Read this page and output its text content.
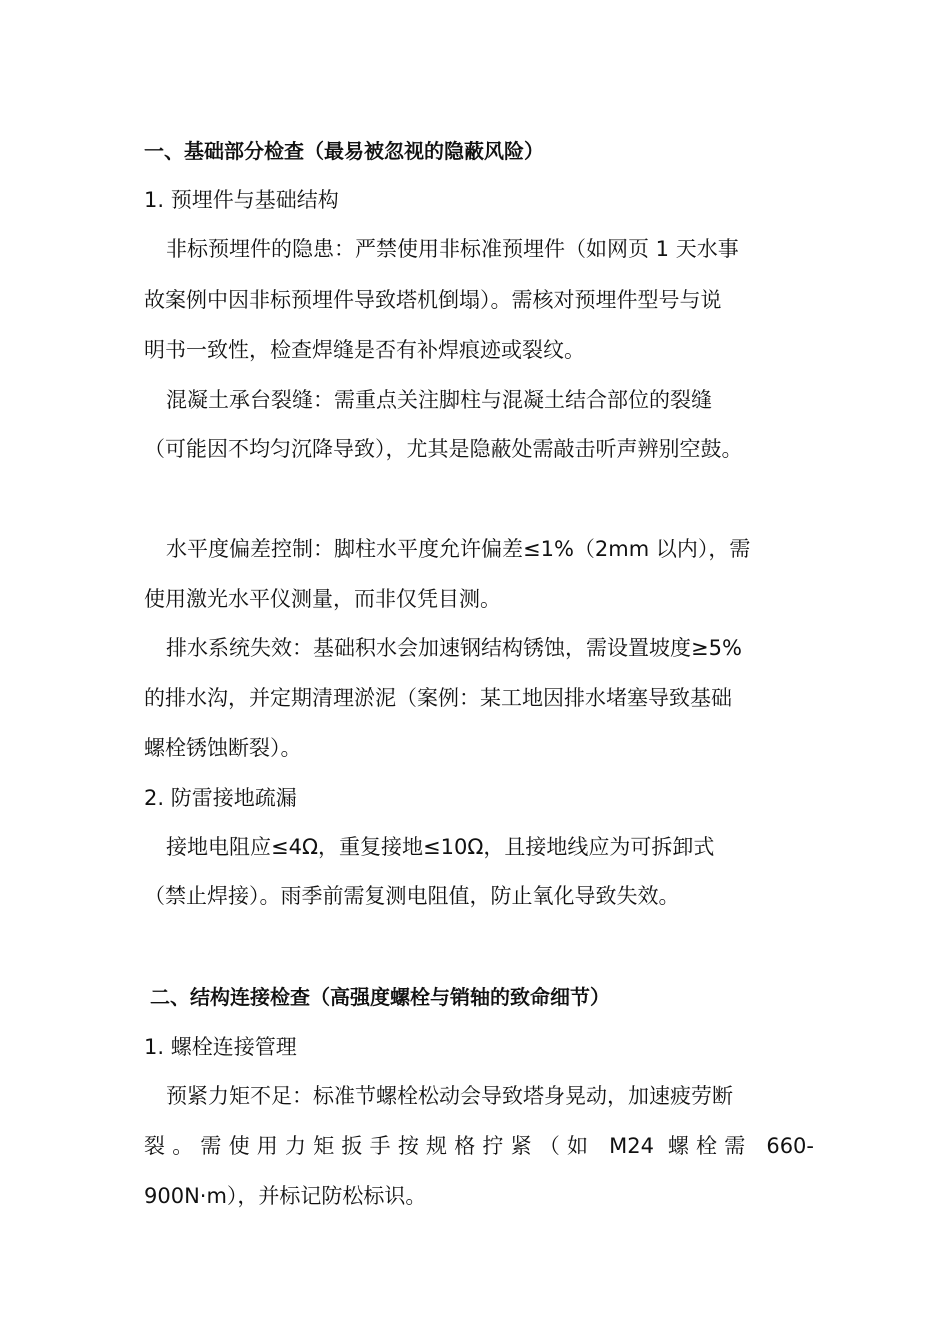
一、基础部分检查（最易被忽视的隐蔽风险）
1. 预埋件与基础结构
非标预埋件的隐患：严禁使用非标准预埋件（如网页 1 天水事
故案例中因非标预埋件导致塔机倒塌）。需核对预埋件型号与说
明书一致性，检查焊缝是否有补焊痕迹或裂纹。
混凝土承台裂缝：需重点关注脚柱与混凝土结合部位的裂缝
（可能因不均匀沉降导致），尤其是隐蔽处需敲击听声辨别空鼓。
水平度偏差控制：脚柱水平度允许偏差≤1%（2mm 以内），需
使用激光水平仪测量，而非仅凭目测。
排水系统失效：基础积水会加速钢结构锈蚀，需设置坡度≥5%
的排水沟，并定期清理淤泥（案例：某工地因排水堵塞导致基础
螺栓锈蚀断裂）。
2. 防雷接地疏漏
接地电阻应≤4Ω，重复接地≤10Ω，且接地线应为可拆卸式
（禁止焊接）。雨季前需复测电阻值，防止氧化导致失效。
二、结构连接检查（高强度螺栓与销轴的致命细节）
1. 螺栓连接管理
预紧力矩不足：标准节螺栓松动会导致塔身晃动，加速疲劳断
裂。需使用力矩扳手按规格拧紧（如 M24 螺栓需 660-
900N·m），并标记防松标识。
